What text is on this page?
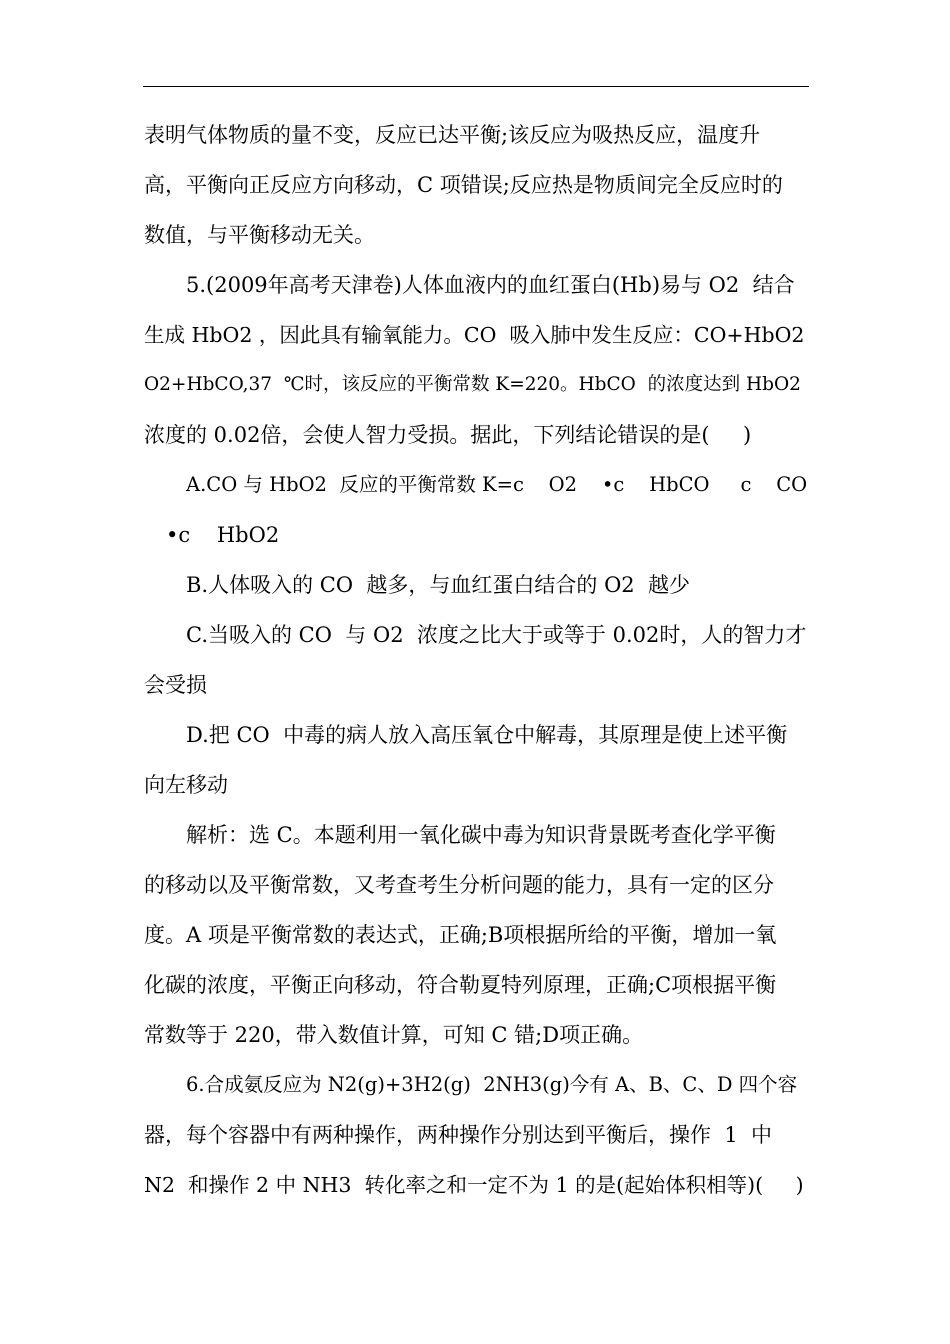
表明气体物质的量不变，反应已达平衡;该反应为吸热反应，温度升
高，平衡向正反应方向移动，C 项错误;反应热是物质间完全反应时的
数值，与平衡移动无关。
5.(2009年高考天津卷)人体血液内的血红蛋白(Hb)易与 O2  结合
生成 HbO2 ，因此具有输氧能力。CO  吸入肺中发生反应：CO+HbO2
O2+HbCO,37  ℃时，该反应的平衡常数 K=220。HbCO  的浓度达到 HbO2
浓度的 0.02倍，会使人智力受损。据此，下列结论错误的是(     )
A.CO 与 HbO2  反应的平衡常数 K=c    O2    •c    HbCO     c    CO
•c    HbO2
B.人体吸入的 CO  越多，与血红蛋白结合的 O2  越少
C.当吸入的 CO  与 O2  浓度之比大于或等于 0.02时，人的智力才
会受损
D.把 CO  中毒的病人放入高压氧仓中解毒，其原理是使上述平衡
向左移动
解析：选 C。本题利用一氧化碳中毒为知识背景既考查化学平衡
的移动以及平衡常数，又考查考生分析问题的能力，具有一定的区分
度。A 项是平衡常数的表达式，正确;B项根据所给的平衡，增加一氧
化碳的浓度，平衡正向移动，符合勒夏特列原理，正确;C项根据平衡
常数等于 220，带入数值计算，可知 C 错;D项正确。
6.合成氨反应为 N2(g)+3H2(g)  2NH3(g)今有 A、B、C、D 四个容
器，每个容器中有两种操作，两种操作分别达到平衡后，操作  1  中
N2  和操作 2 中 NH3  转化率之和一定不为 1 的是(起始体积相等)(     )
